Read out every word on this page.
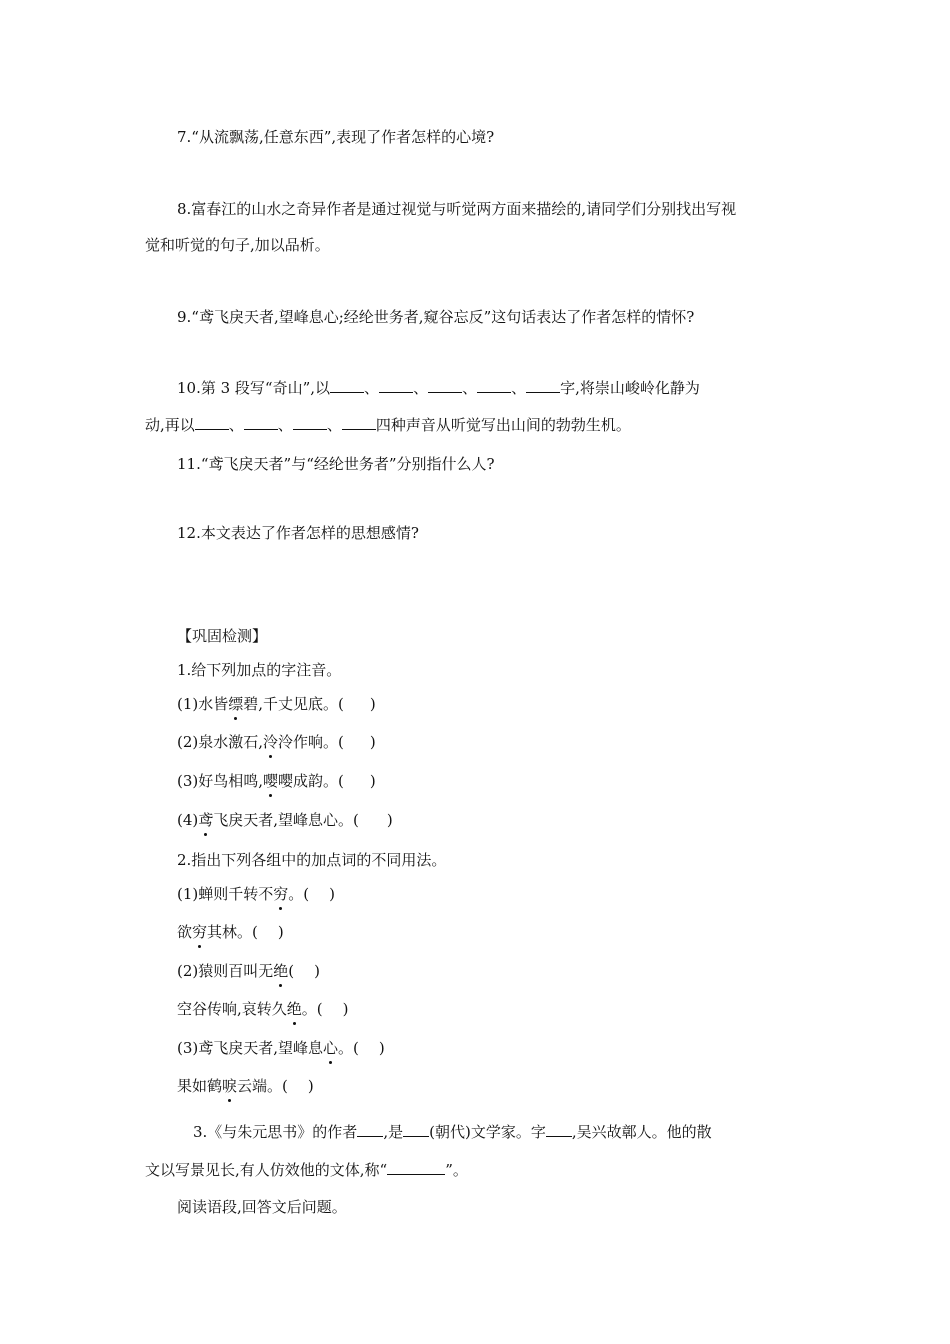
7.“从流飘荡,任意东西”,表现了作者怎样的心境?
8.富春江的山水之奇异作者是通过视觉与听觉两方面来描绘的,请同学们分别找出写视
觉和听觉的句子,加以品析。
9.“鸢飞戾天者,望峰息心;经纶世务者,窥谷忘反”这句话表达了作者怎样的情怀?
10.第 3 段写“奇山”,以 、 、 、 、 字,将崇山峻岭化静为
动,再以 、 、 、 四种声音从听觉写出山间的勃勃生机。
11.“鸢飞戾天者”与“经纶世务者”分别指什么人?
12.本文表达了作者怎样的思想感情?
【巩固检测】
1.给下列加点的字注音。
(1)水皆缥碧,千丈见底。( )
(2)泉水激石,泠泠作响。( )
(3)好鸟相鸣,嘤嘤成韵。( )
(4)鸢飞戾天者,望峰息心。( )
2.指出下列各组中的加点词的不同用法。
(1)蝉则千转不穷。( )
欲穷其林。( )
(2)猿则百叫无绝( )
空谷传响,哀转久绝。( )
(3)鸢飞戾天者,望峰息心。( )
果如鹤唳云端。( )
3.《与朱元思书》的作者 ,是 (朝代)文学家。字 ,吴兴故鄣人。他的散
文以写景见长,有人仿效他的文体,称“	”。
阅读语段,回答文后问题。
